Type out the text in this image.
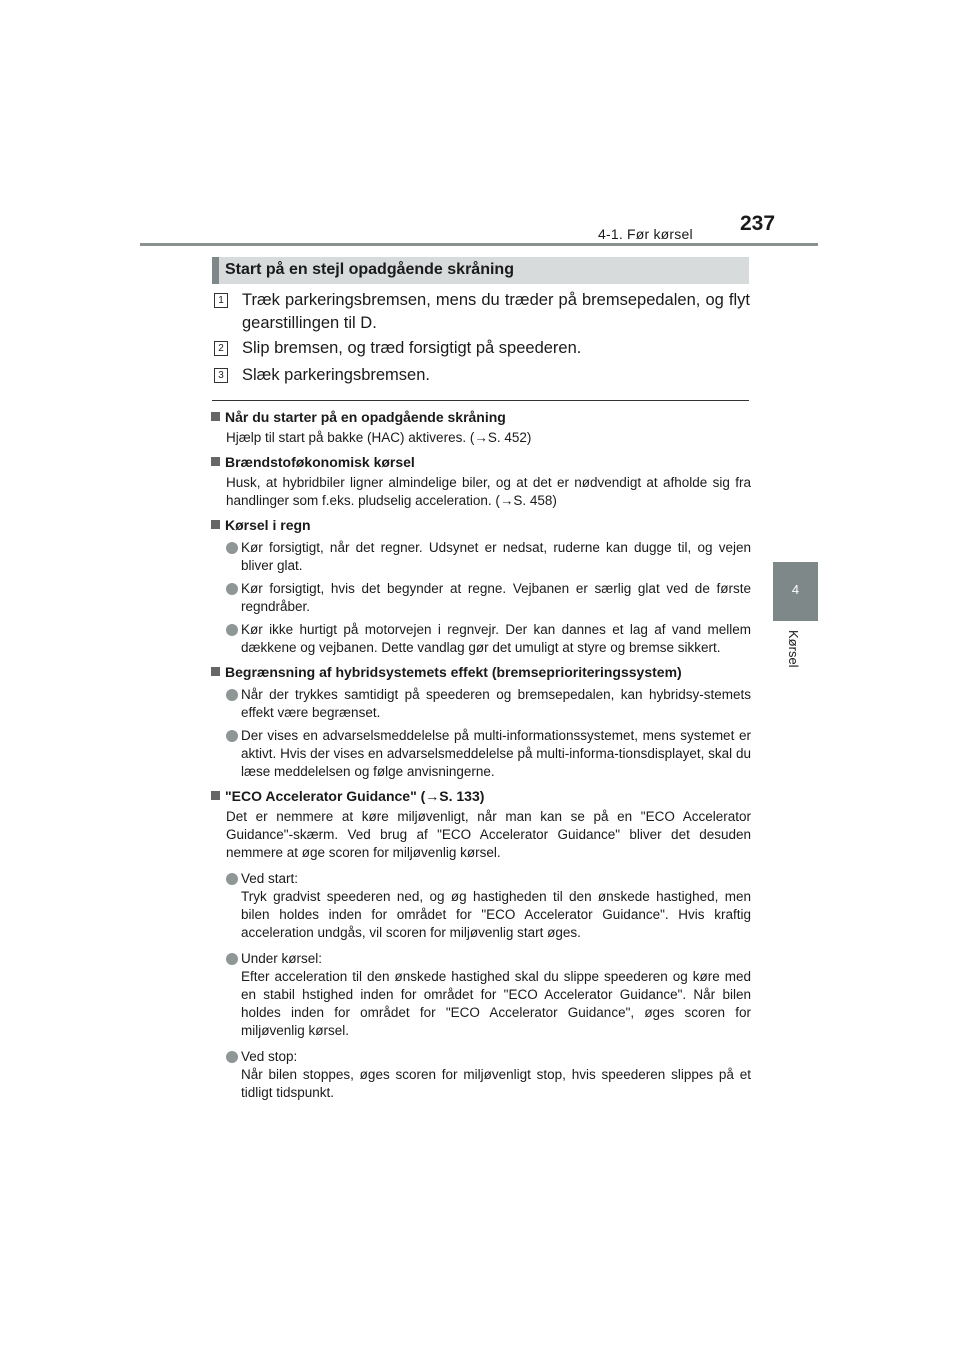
4-1. Før kørsel 237
4
Kørsel
Start på en stejl opadgående skråning
1 Træk parkeringsbremsen, mens du træder på bremsepedalen, og flyt gearstillingen til D.
2 Slip bremsen, og træd forsigtigt på speederen.
3 Slæk parkeringsbremsen.
Når du starter på en opadgående skråning
Hjælp til start på bakke (HAC) aktiveres. (→S. 452)
Brændstoføkonomisk kørsel
Husk, at hybridbiler ligner almindelige biler, og at det er nødvendigt at afholde sig fra handlinger som f.eks. pludselig acceleration. (→S. 458)
Kørsel i regn
Kør forsigtigt, når det regner. Udsynet er nedsat, ruderne kan dugge til, og vejen bliver glat.
Kør forsigtigt, hvis det begynder at regne. Vejbanen er særlig glat ved de første regndråber.
Kør ikke hurtigt på motorvejen i regnvejr. Der kan dannes et lag af vand mellem dækkene og vejbanen. Dette vandlag gør det umuligt at styre og bremse sikkert.
Begrænsning af hybridsystemets effekt (bremseprioriteringssystem)
Når der trykkes samtidigt på speederen og bremsepedalen, kan hybridsy-stemets effekt være begrænset.
Der vises en advarselsmeddelelse på multi-informationssystemet, mens systemet er aktivt. Hvis der vises en advarselsmeddelelse på multi-informa-tionsdisplayet, skal du læse meddelelsen og følge anvisningerne.
"ECO Accelerator Guidance" (→S. 133)
Det er nemmere at køre miljøvenligt, når man kan se på en "ECO Accelerator Guidance"-skærm. Ved brug af "ECO Accelerator Guidance" bliver det desuden nemmere at øge scoren for miljøvenlig kørsel.
Ved start:
Tryk gradvist speederen ned, og øg hastigheden til den ønskede hastighed, men bilen holdes inden for området for "ECO Accelerator Guidance". Hvis kraftig acceleration undgås, vil scoren for miljøvenlig start øges.
Under kørsel:
Efter acceleration til den ønskede hastighed skal du slippe speederen og køre med en stabil hstighed inden for området for "ECO Accelerator Guidance". Når bilen holdes inden for området for "ECO Accelerator Guidance", øges scoren for miljøvenlig kørsel.
Ved stop:
Når bilen stoppes, øges scoren for miljøvenligt stop, hvis speederen slippes på et tidligt tidspunkt.
